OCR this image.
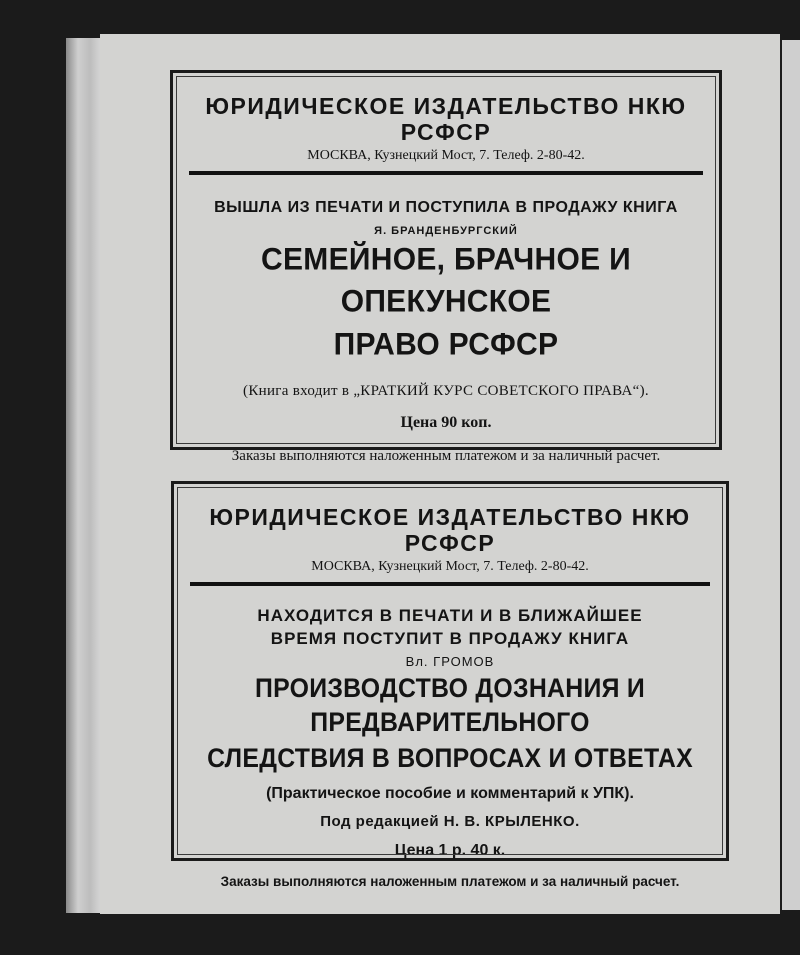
ЮРИДИЧЕСКОЕ ИЗДАТЕЛЬСТВО НКЮ РСФСР
МОСКВА, Кузнецкий Мост, 7. Телеф. 2-80-42.
ВЫШЛА ИЗ ПЕЧАТИ И ПОСТУПИЛА В ПРОДАЖУ КНИГА
Я. БРАНДЕНБУРГСКИЙ
СЕМЕЙНОЕ, БРАЧНОЕ И ОПЕКУНСКОЕ
ПРАВО РСФСР
(Книга входит в „КРАТКИЙ КУРС СОВЕТСКОГО ПРАВА“).
Цена 90 коп.
Заказы выполняются наложенным платежом и за наличный расчет.
ЮРИДИЧЕСКОЕ ИЗДАТЕЛЬСТВО НКЮ РСФСР
МОСКВА, Кузнецкий Мост, 7. Телеф. 2-80-42.
НАХОДИТСЯ В ПЕЧАТИ И В БЛИЖАЙШЕЕ
ВРЕМЯ ПОСТУПИТ В ПРОДАЖУ КНИГА
Вл. ГРОМОВ
ПРОИЗВОДСТВО ДОЗНАНИЯ И ПРЕДВАРИТЕЛЬНОГО
СЛЕДСТВИЯ В ВОПРОСАХ И ОТВЕТАХ
(Практическое пособие и комментарий к УПК).
Под редакцией Н. В. КРЫЛЕНКО.
Цена 1 р. 40 к.
Заказы выполняются наложенным платежом и за наличный расчет.
